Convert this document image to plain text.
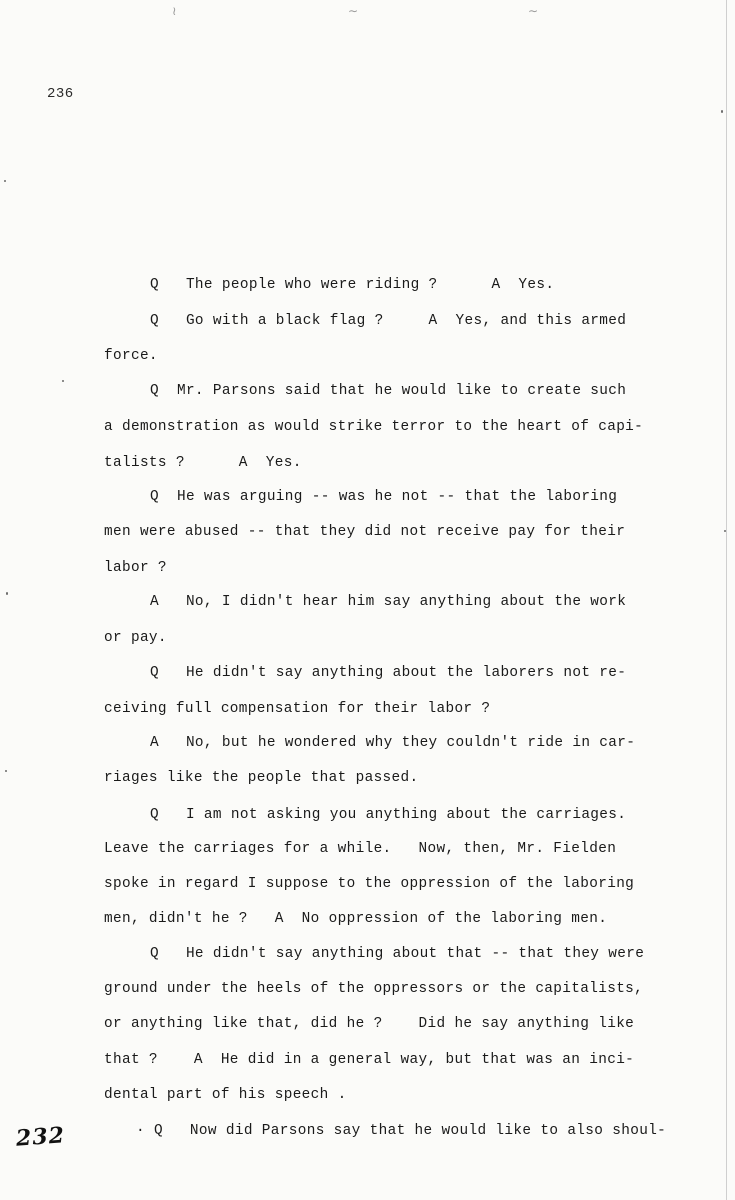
≀	∼	∼
236
Q   The people who were riding ?      A  Yes.
Q   Go with a black flag ?     A  Yes, and this armed
force.
Q  Mr. Parsons said that he would like to create such
a demonstration as would strike terror to the heart of capi-
talists ?      A  Yes.
Q  He was arguing -- was he not -- that the laboring
men were abused -- that they did not receive pay for their
labor ?
A   No, I didn't hear him say anything about the work
or pay.
Q   He didn't say anything about the laborers not re-
ceiving full compensation for their labor ?
A   No, but he wondered why they couldn't ride in car-
riages like the people that passed.
Q   I am not asking you anything about the carriages.
Leave the carriages for a while.   Now, then, Mr. Fielden
spoke in regard I suppose to the oppression of the laboring
men, didn't he ?   A  No oppression of the laboring men.
Q   He didn't say anything about that -- that they were
ground under the heels of the oppressors or the capitalists,
or anything like that, did he ?    Did he say anything like
that ?    A  He did in a general way, but that was an inci-
dental part of his speech .
· Q   Now did Parsons say that he would like to also shoul-
232
